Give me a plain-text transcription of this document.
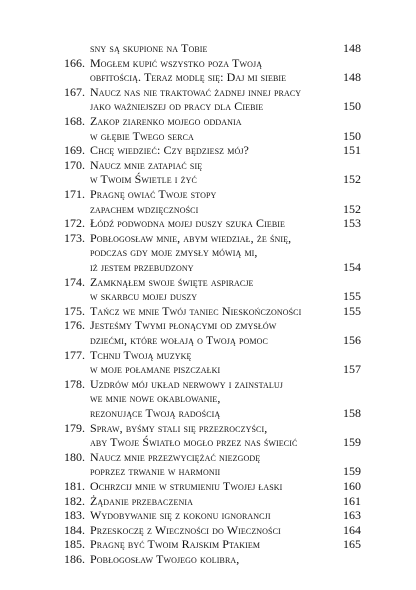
sny są skupione na Tobie	148
166. Mogłem kupić wszystko poza Twoją
obfitością. Teraz modlę się: Daj mi siebie	148
167. Naucz nas nie traktować żadnej innej pracy
jako ważniejszej od pracy dla Ciebie	150
168. Zakop ziarenko mojego oddania
w głębie Twego serca	150
169. Chcę wiedzieć: Czy będziesz mój?	151
170. Naucz mnie zatapiać się
w Twoim Świetle i żyć	152
171. Pragnę owiać Twoje stopy
zapachem wdzięczności	152
172. Łódź podwodna mojej duszy szuka Ciebie	153
173. Pobłogosław mnie, abym wiedział, że śnię,
podczas gdy moje zmysły mówią mi,
iż jestem przebudzony	154
174. Zamknąłem swoje święte aspiracje
w skarbcu mojej duszy	155
175. Tańcz we mnie Twój taniec Nieskończoności	155
176. Jesteśmy Twymi płonącymi od zmysłów
dziećmi, które wołają o Twoją pomoc	156
177. Tchnij Twoją muzykę
w moje połamane piszczałki	157
178. Uzdrów mój układ nerwowy i zainstaluj
we mnie nowe okablowanie,
rezonujące Twoją radością	158
179. Spraw, byśmy stali się przezroczyści,
aby Twoje Światło mogło przez nas świecić	159
180. Naucz mnie przezwyciężać niezgodę
poprzez trwanie w harmonii	159
181. Ochrzcij mnie w strumieniu Twojej łaski	160
182. Żądanie przebaczenia	161
183. Wydobywanie się z kokonu ignorancji	163
184. Przeskoczę z Wieczności do Wieczności	164
185. Pragnę być Twoim Rajskim Ptakiem	165
186. Pobłogosław Twojego kolibra,
